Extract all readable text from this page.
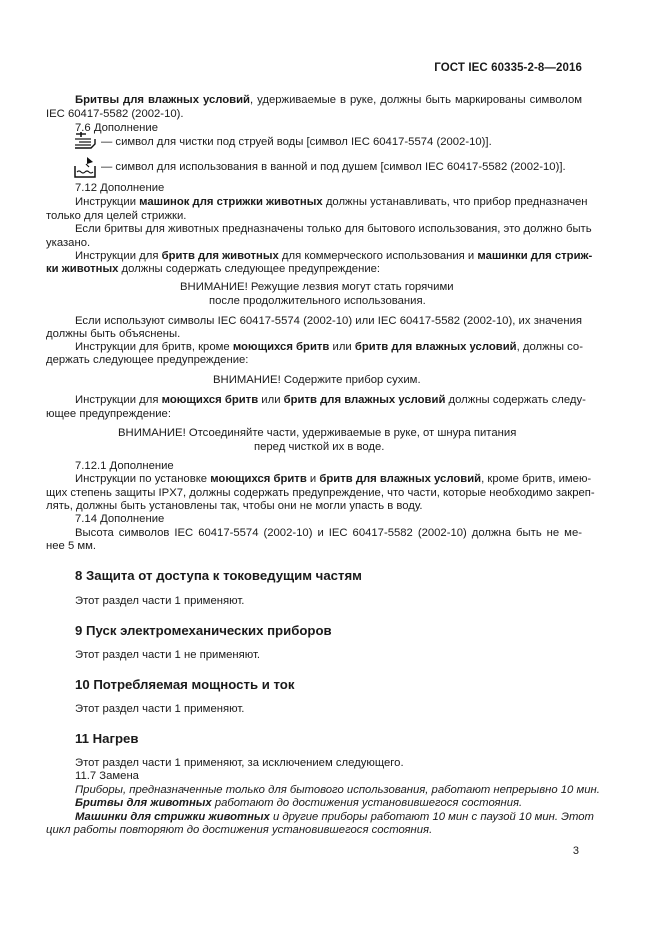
ГОСТ IEC 60335-2-8—2016
Бритвы для влажных условий, удерживаемые в руке, должны быть маркированы символом
IEC 60417-5582 (2002-10).
7.6 Дополнение
— символ для чистки под струей воды [символ IEC 60417-5574 (2002-10)].
— символ для использования в ванной и под душем [символ IEC 60417-5582 (2002-10)].
7.12 Дополнение
Инструкции машинок для стрижки животных должны устанавливать, что прибор предназначен
только для целей стрижки.
Если бритвы для животных предназначены только для бытового использования, это должно быть
указано.
Инструкции для бритв для животных для коммерческого использования и машинки для стриж-
ки животных должны содержать следующее предупреждение:
ВНИМАНИЕ! Режущие лезвия могут стать горячими
после продолжительного использования.
Если используют символы IEC 60417-5574 (2002-10) или IEC 60417-5582 (2002-10), их значения
должны быть объяснены.
Инструкции для бритв, кроме моющихся бритв или бритв для влажных условий, должны со-
держать следующее предупреждение:
ВНИМАНИЕ! Содержите прибор сухим.
Инструкции для моющихся бритв или бритв для влажных условий должны содержать следу-
ющее предупреждение:
ВНИМАНИЕ! Отсоединяйте части, удерживаемые в руке, от шнура питания
перед чисткой их в воде.
7.12.1 Дополнение
Инструкции по установке моющихся бритв и бритв для влажных условий, кроме бритв, имею-
щих степень защиты IPX7, должны содержать предупреждение, что части, которые необходимо закреп-
лять, должны быть установлены так, чтобы они не могли упасть в воду.
7.14 Дополнение
Высота символов IEC 60417-5574 (2002-10) и IEC 60417-5582 (2002-10) должна быть не ме-
нее 5 мм.
8 Защита от доступа к токоведущим частям
Этот раздел части 1 применяют.
9 Пуск электромеханических приборов
Этот раздел части 1 не применяют.
10 Потребляемая мощность и ток
Этот раздел части 1 применяют.
11 Нагрев
Этот раздел части 1 применяют, за исключением следующего.
11.7 Замена
Приборы, предназначенные только для бытового использования, работают непрерывно 10 мин.
Бритвы для животных работают до достижения установившегося состояния.
Машинки для стрижки животных и другие приборы работают 10 мин с паузой 10 мин. Этот
цикл работы повторяют до достижения установившегося состояния.
3
